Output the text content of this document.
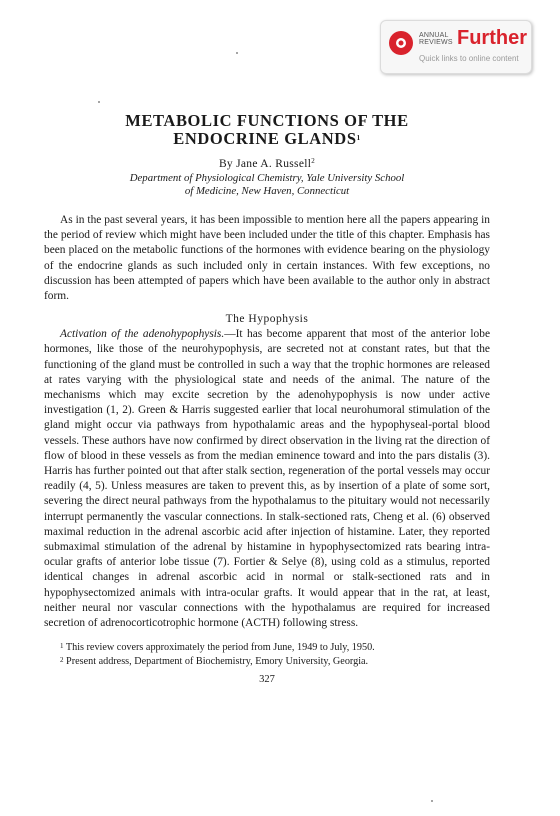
ANNUAL
REVIEWS Further
Quick links to online content
METABOLIC FUNCTIONS OF THE
ENDOCRINE GLANDS$^1$
By Jane A. Russell$^2$
Department of Physiological Chemistry, Yale University School
of Medicine, New Haven, Connecticut

As in the past several years, it has been impossible to mention here all the papers appearing in the period of review which might have been included under the title of this chapter. Emphasis has been placed on the metabolic functions of the hormones with evidence bearing on the physiology of the endocrine glands as such included only in certain instances. With few exceptions, no discussion has been attempted of papers which have been available to the author only in abstract form.

The Hypophysis

Activation of the adenohypophysis.—It has become apparent that most of the anterior lobe hormones, like those of the neurohypophysis, are secreted not at constant rates, but that the functioning of the gland must be controlled in such a way that the trophic hormones are released at rates varying with the physiological state and needs of the animal. The nature of the mechanisms which may excite secretion by the adenohypophysis is now under active investigation (1, 2). Green & Harris suggested earlier that local neurohumoral stimulation of the gland might occur via pathways from hypothalamic areas and the hypophyseal-portal blood vessels. These authors have now confirmed by direct observation in the living rat the direction of flow of blood in these vessels as from the median eminence toward and into the pars distalis (3). Harris has further pointed out that after stalk section, regeneration of the portal vessels may occur readily (4, 5). Unless measures are taken to prevent this, as by insertion of a plate of some sort, severing the direct neural pathways from the hypothalamus to the pituitary would not necessarily interrupt permanently the vascular connections. In stalk-sectioned rats, Cheng et al. (6) observed maximal reduction in the adrenal ascorbic acid after injection of histamine. Later, they reported submaximal stimulation of the adrenal by histamine in hypophysectomized rats bearing intra-ocular grafts of anterior lobe tissue (7). Fortier & Selye (8), using cold as a stimulus, reported identical changes in adrenal ascorbic acid in normal or stalk-sectioned rats and in hypophysectomized animals with intra-ocular grafts. It would appear that in the rat, at least, neither neural nor vascular connections with the hypothalamus are required for increased secretion of adrenocorticotrophic hormone (ACTH) following stress.

$^1$ This review covers approximately the period from June, 1949 to July, 1950.

$^2$ Present address, Department of Biochemistry, Emory University, Georgia.

327
